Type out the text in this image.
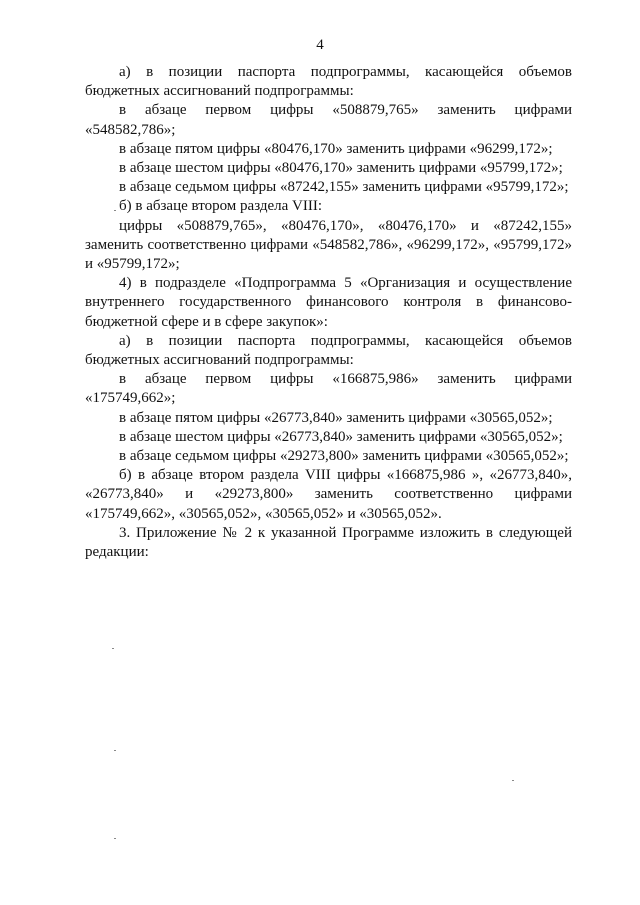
4

а) в позиции паспорта подпрограммы, касающейся объемов бюджетных ассигнований подпрограммы:

в абзаце первом цифры «508879,765» заменить цифрами «548582,786»;

в абзаце пятом цифры «80476,170» заменить цифрами «96299,172»;

в абзаце шестом цифры «80476,170» заменить цифрами «95799,172»;

в абзаце седьмом цифры «87242,155» заменить цифрами «95799,172»;

б) в абзаце втором раздела VIII:

цифры «508879,765», «80476,170», «80476,170» и «87242,155» заменить соответственно цифрами «548582,786», «96299,172», «95799,172» и «95799,172»;

4) в подразделе «Подпрограмма 5 «Организация и осуществление внутреннего государственного финансового контроля в финансово-бюджетной сфере и в сфере закупок»:

а) в позиции паспорта подпрограммы, касающейся объемов бюджетных ассигнований подпрограммы:

в абзаце первом цифры «166875,986» заменить цифрами «175749,662»;

в абзаце пятом цифры «26773,840» заменить цифрами «30565,052»;

в абзаце шестом цифры «26773,840» заменить цифрами «30565,052»;

в абзаце седьмом цифры «29273,800» заменить цифрами «30565,052»;

б) в абзаце втором раздела VIII цифры «166875,986 », «26773,840», «26773,840» и «29273,800» заменить соответственно цифрами «175749,662», «30565,052», «30565,052» и «30565,052».

3. Приложение № 2 к указанной Программе изложить в следующей редакции:
